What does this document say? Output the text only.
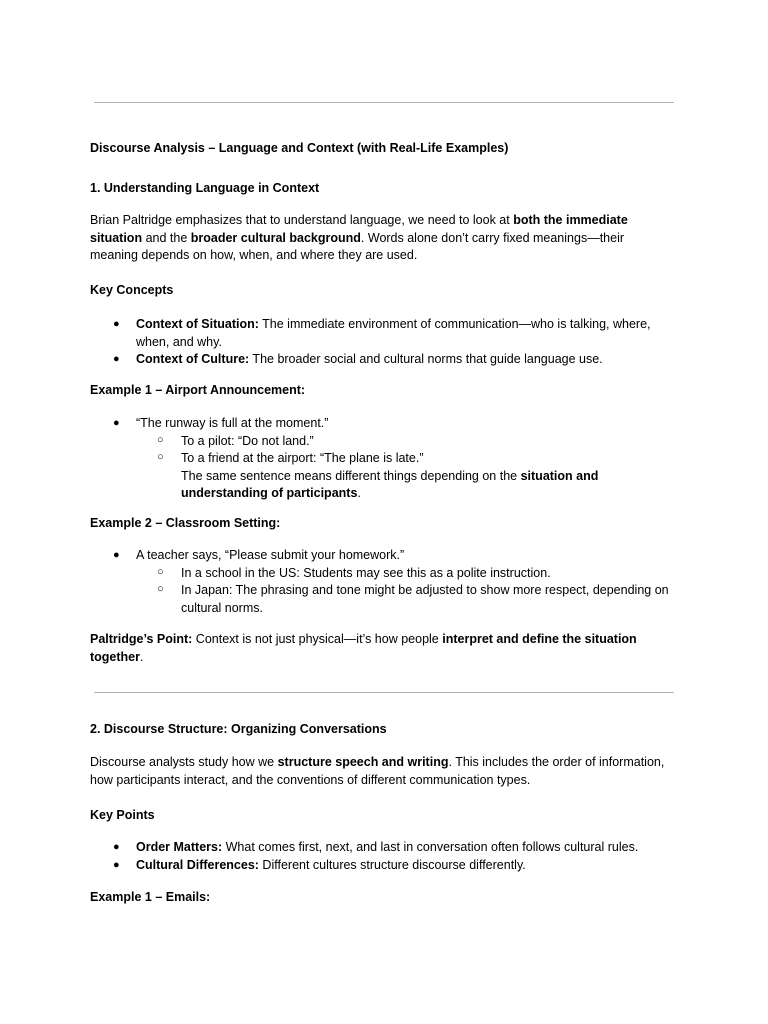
Discourse Analysis – Language and Context (with Real-Life Examples)
1. Understanding Language in Context
Brian Paltridge emphasizes that to understand language, we need to look at both the immediate situation and the broader cultural background. Words alone don’t carry fixed meanings—their meaning depends on how, when, and where they are used.
Key Concepts
● Context of Situation: The immediate environment of communication—who is talking, where, when, and why.
● Context of Culture: The broader social and cultural norms that guide language use.
Example 1 – Airport Announcement:
● “The runway is full at the moment.”
○ To a pilot: “Do not land.”
○ To a friend at the airport: “The plane is late.”
The same sentence means different things depending on the situation and understanding of participants.
Example 2 – Classroom Setting:
● A teacher says, “Please submit your homework.”
○ In a school in the US: Students may see this as a polite instruction.
○ In Japan: The phrasing and tone might be adjusted to show more respect, depending on cultural norms.
Paltridge’s Point: Context is not just physical—it’s how people interpret and define the situation together.
2. Discourse Structure: Organizing Conversations
Discourse analysts study how we structure speech and writing. This includes the order of information, how participants interact, and the conventions of different communication types.
Key Points
● Order Matters: What comes first, next, and last in conversation often follows cultural rules.
● Cultural Differences: Different cultures structure discourse differently.
Example 1 – Emails:
